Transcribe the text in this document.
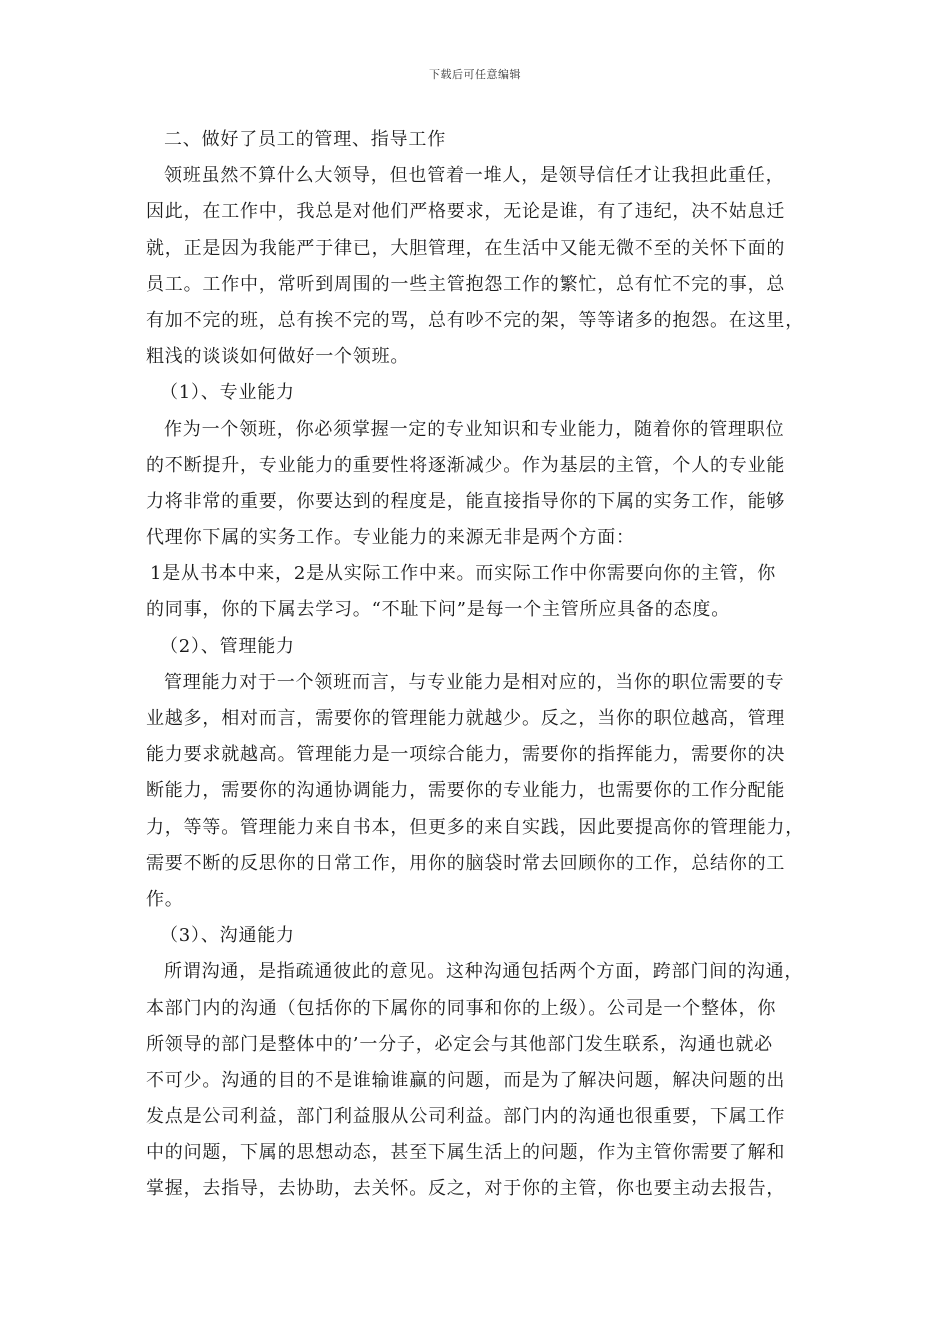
下载后可任意编辑
二、做好了员工的管理、指导工作
领班虽然不算什么大领导，但也管着一堆人，是领导信任才让我担此重任，
因此，在工作中，我总是对他们严格要求，无论是谁，有了违纪，决不姑息迁
就，正是因为我能严于律已，大胆管理，在生活中又能无微不至的关怀下面的
员工。工作中，常听到周围的一些主管抱怨工作的繁忙，总有忙不完的事，总
有加不完的班，总有挨不完的骂，总有吵不完的架，等等诸多的抱怨。在这里，
粗浅的谈谈如何做好一个领班。
（1）、专业能力
作为一个领班，你必须掌握一定的专业知识和专业能力，随着你的管理职位
的不断提升，专业能力的重要性将逐渐减少。作为基层的主管，个人的专业能
力将非常的重要，你要达到的程度是，能直接指导你的下属的实务工作，能够
代理你下属的实务工作。专业能力的来源无非是两个方面：
1是从书本中来，2是从实际工作中来。而实际工作中你需要向你的主管，你
的同事，你的下属去学习。“不耻下问”是每一个主管所应具备的态度。
（2）、管理能力
管理能力对于一个领班而言，与专业能力是相对应的，当你的职位需要的专
业越多，相对而言，需要你的管理能力就越少。反之，当你的职位越高，管理
能力要求就越高。管理能力是一项综合能力，需要你的指挥能力，需要你的决
断能力，需要你的沟通协调能力，需要你的专业能力，也需要你的工作分配能
力，等等。管理能力来自书本，但更多的来自实践，因此要提高你的管理能力，
需要不断的反思你的日常工作，用你的脑袋时常去回顾你的工作，总结你的工
作。
（3）、沟通能力
所谓沟通，是指疏通彼此的意见。这种沟通包括两个方面，跨部门间的沟通，
本部门内的沟通（包括你的下属你的同事和你的上级）。公司是一个整体，你
所领导的部门是整体中的’一分子，必定会与其他部门发生联系，沟通也就必
不可少。沟通的目的不是谁输谁赢的问题，而是为了解决问题，解决问题的出
发点是公司利益，部门利益服从公司利益。部门内的沟通也很重要，下属工作
中的问题，下属的思想动态，甚至下属生活上的问题，作为主管你需要了解和
掌握，去指导，去协助，去关怀。反之，对于你的主管，你也要主动去报告，
